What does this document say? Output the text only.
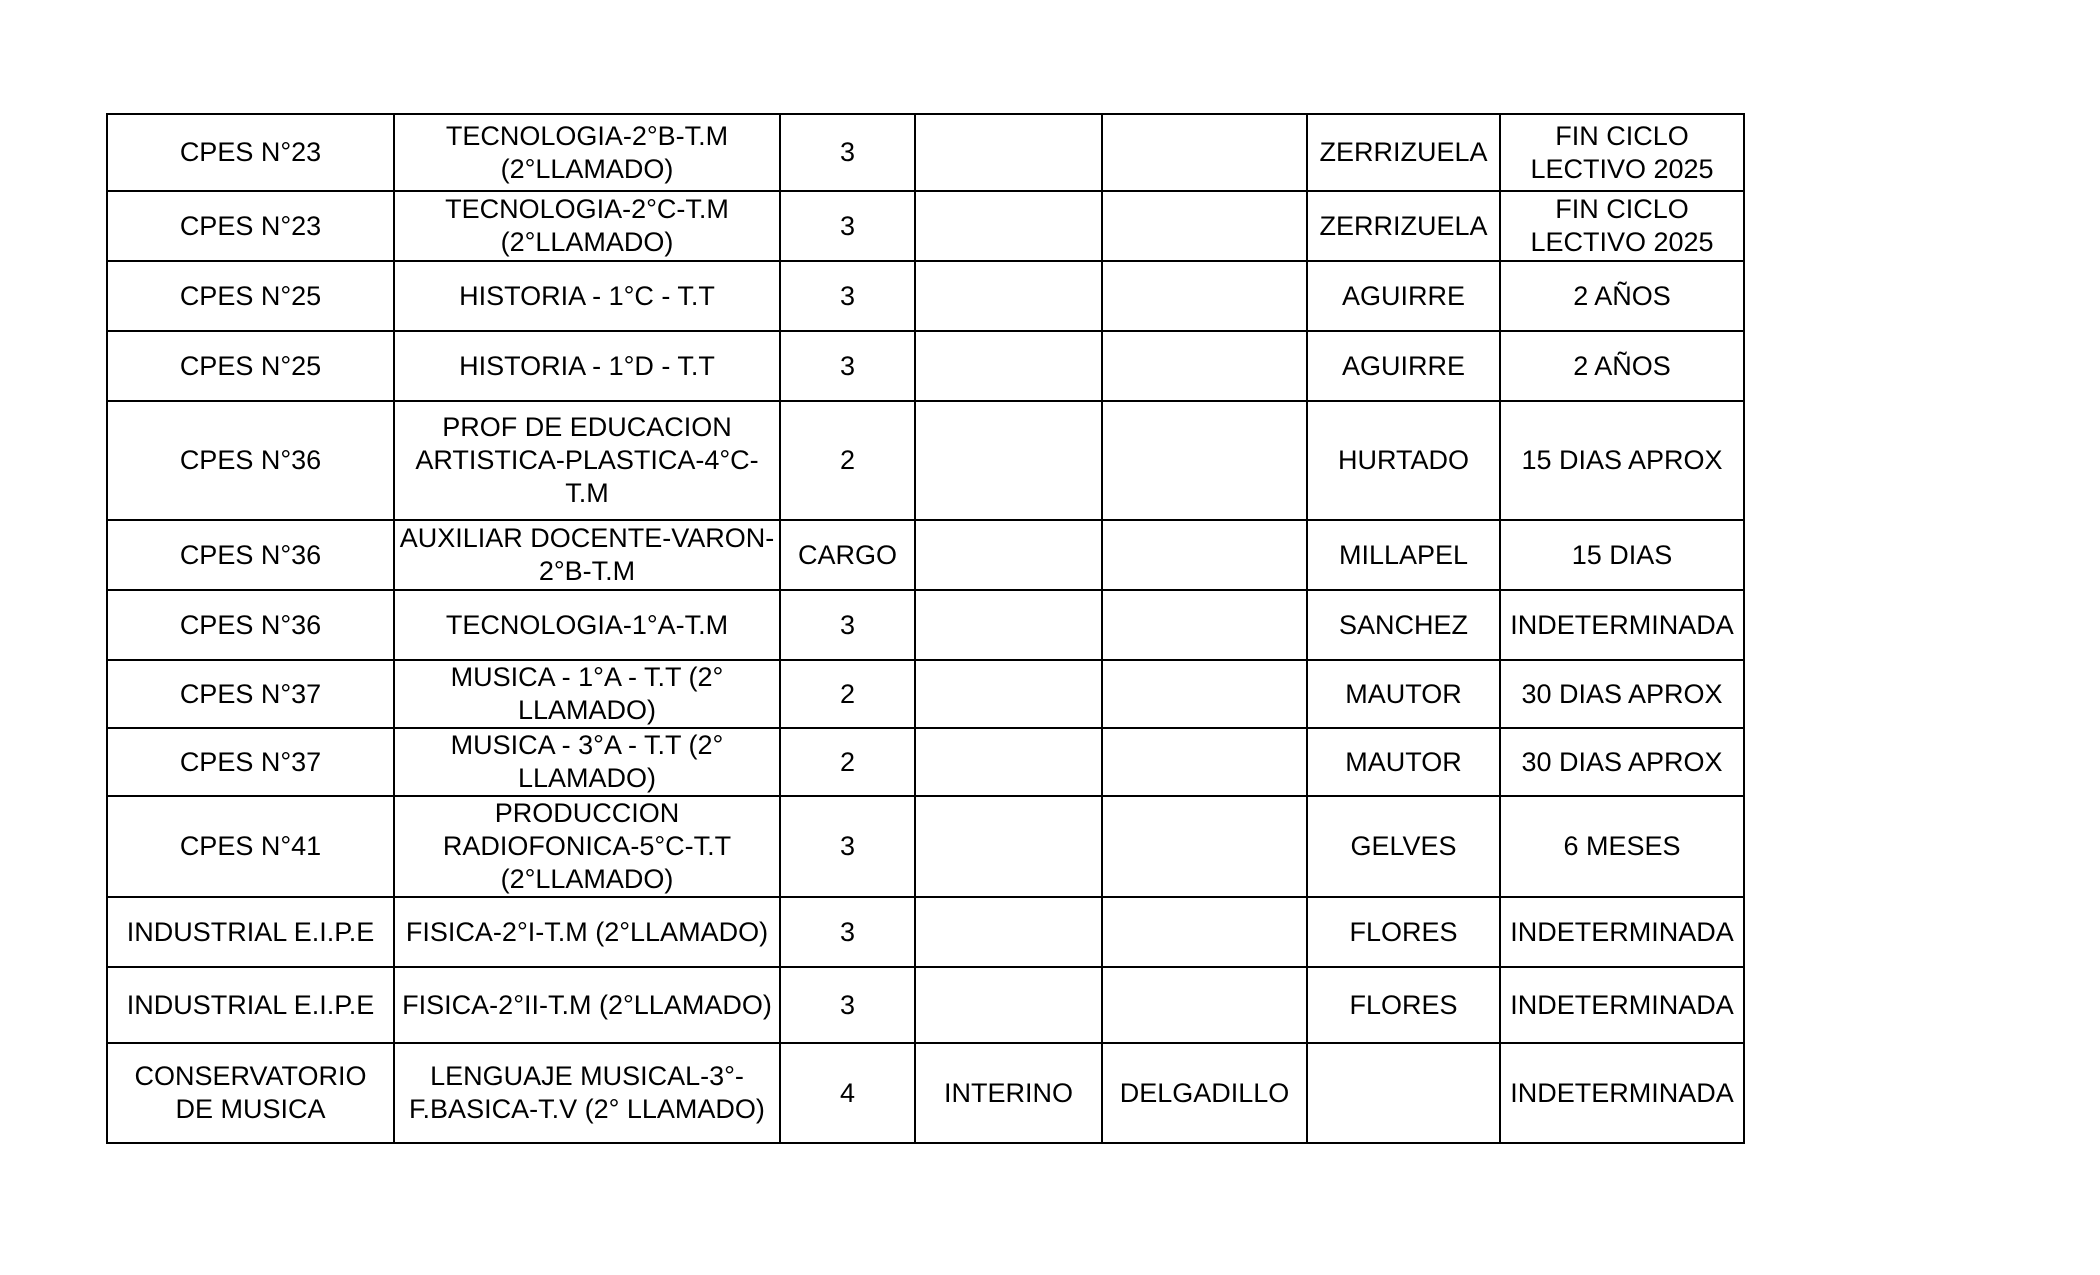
CPES N°23	TECNOLOGIA-2°B-T.M (2°LLAMADO)	3			ZERRIZUELA	FIN CICLO LECTIVO 2025
CPES N°23	TECNOLOGIA-2°C-T.M (2°LLAMADO)	3			ZERRIZUELA	FIN CICLO LECTIVO 2025
CPES N°25	HISTORIA - 1°C - T.T	3			AGUIRRE	2 AÑOS
CPES N°25	HISTORIA - 1°D - T.T	3			AGUIRRE	2 AÑOS
CPES N°36	PROF DE EDUCACION ARTISTICA-PLASTICA-4°C-T.M	2			HURTADO	15 DIAS APROX
CPES N°36	AUXILIAR DOCENTE-VARON-2°B-T.M	CARGO			MILLAPEL	15 DIAS
CPES N°36	TECNOLOGIA-1°A-T.M	3			SANCHEZ	INDETERMINADA
CPES N°37	MUSICA - 1°A - T.T (2° LLAMADO)	2			MAUTOR	30 DIAS APROX
CPES N°37	MUSICA - 3°A - T.T (2° LLAMADO)	2			MAUTOR	30 DIAS APROX
CPES N°41	PRODUCCION RADIOFONICA-5°C-T.T (2°LLAMADO)	3			GELVES	6 MESES
INDUSTRIAL E.I.P.E	FISICA-2°I-T.M (2°LLAMADO)	3			FLORES	INDETERMINADA
INDUSTRIAL E.I.P.E	FISICA-2°II-T.M (2°LLAMADO)	3			FLORES	INDETERMINADA
CONSERVATORIO DE MUSICA	LENGUAJE MUSICAL-3°-F.BASICA-T.V (2° LLAMADO)	4	INTERINO	DELGADILLO		INDETERMINADA
